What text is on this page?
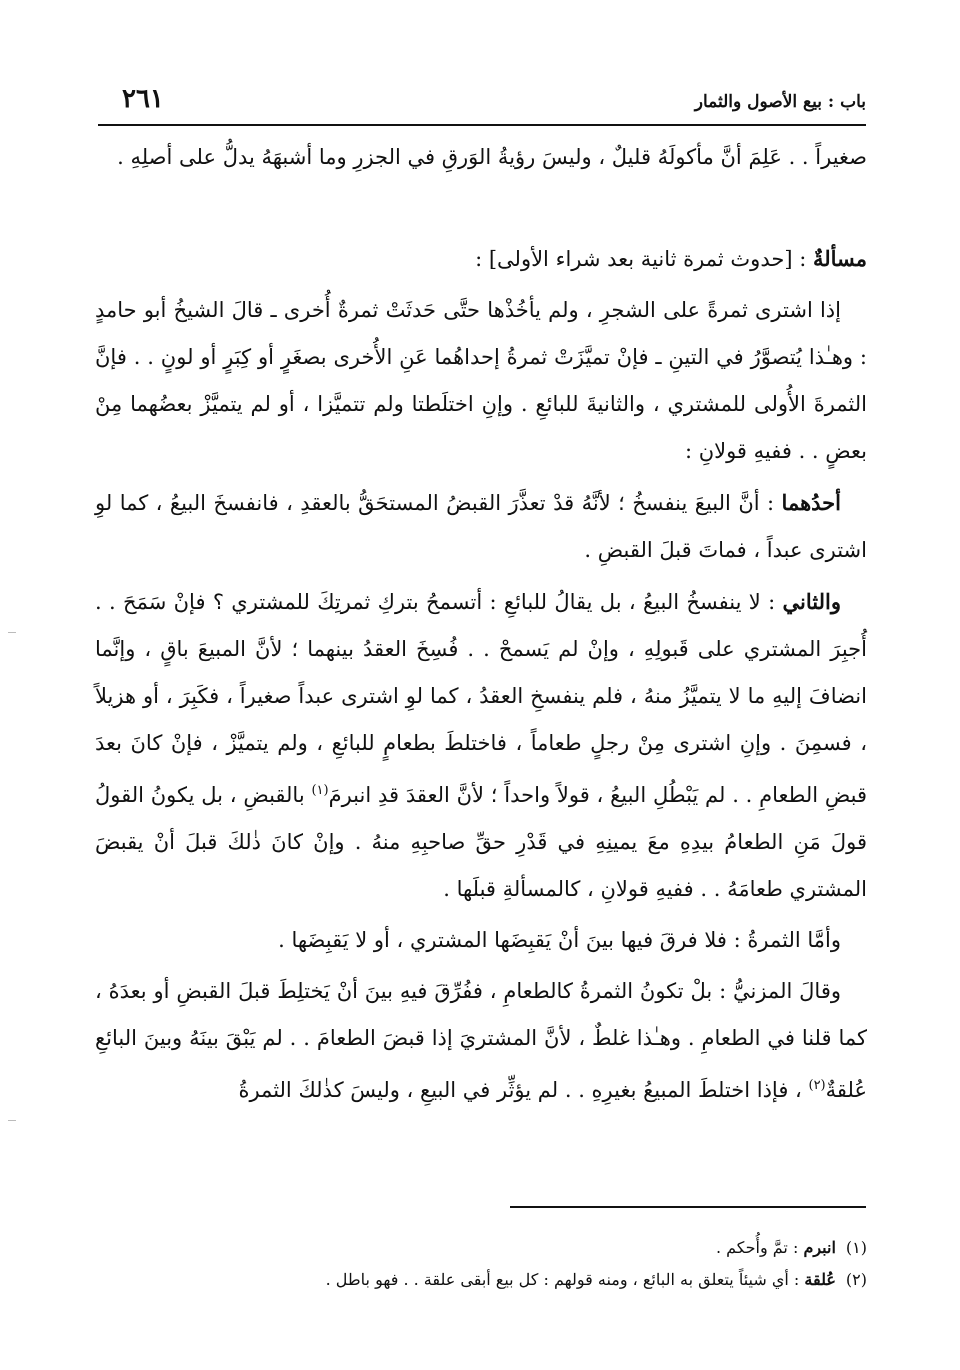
باب : بيع الأصول والثمار
٢٦١

صغيراً . . عَلِمَ أنَّ مأكولَهُ قليلٌ ، وليسَ رؤيةُ الوَرقِ في الجزرِ وما أشبهَهُ يدلُّ على أصلِهِ .

مسألةٌ : [حدوث ثمرة ثانية بعد شراء الأولى] :

إذا اشترى ثمرةً على الشجرِ ، ولم يأخُذْها حتَّى حَدثَتْ ثمرةٌ أُخرى ـ قالَ الشيخُ أبو حامدٍ : وهـٰذا يُتصوَّرُ في التينِ ـ فإنْ تميَّزَتْ ثمرةُ إحداهُما عَنِ الأُخرى بصغَرٍ أو كِبَرٍ أو لونٍ . . فإنَّ الثمرةَ الأُولى للمشتري ، والثانيةَ للبائعِ . وإنِ اختلَطتا ولم تتميَّزا ، أو لم يتميَّزْ بعضُهما مِنْ بعضٍ . . ففيهِ قولانِ :

أحدُهما : أنَّ البيعَ ينفسخُ ؛ لأنَّهُ قدْ تعذَّرَ القبضُ المستحَقُّ بالعقدِ ، فانفسخَ البيعُ ، كما لوِ اشترى عبداً ، فماتَ قبلَ القبضِ .

والثاني : لا ينفسخُ البيعُ ، بل يقالُ للبائعِ : أتسمحُ بتركِ ثمرتِكَ للمشتري ؟ فإنْ سَمَحَ . . أُجبِرَ المشتري على قَبولِهِ ، وإنْ لم يَسمحْ . . فُسِخَ العقدُ بينهما ؛ لأنَّ المبيعَ باقٍ ، وإنَّما انضافَ إليهِ ما لا يتميَّزُ منهُ ، فلم ينفسخِ العقدُ ، كما لوِ اشترى عبداً صغيراً ، فكَبِرَ ، أو هزيلاً ، فسمِنَ . وإنِ اشترى مِنْ رجلٍ طعاماً ، فاختلطَ بطعامٍ للبائعِ ، ولم يتميَّزْ ، فإنْ كانَ بعدَ قبضِ الطعامِ . . لم يَبْطُلِ البيعُ ، قولاً واحداً ؛ لأنَّ العقدَ قدِ انبرمَ$^{(١)}$ بالقبضِ ، بل يكونُ القولُ قولَ مَنِ الطعامُ بيدِهِ معَ يمينِهِ في قَدْرِ حقِّ صاحبِهِ منهُ . وإنْ كانَ ذٰلكَ قبلَ أنْ يقبضَ المشتري طعامَهُ . . ففيهِ قولانِ ، كالمسألةِ قبلَها .

وأمَّا الثمرةُ : فلا فرقَ فيها بينَ أنْ يَقبِضَها المشتري ، أو لا يَقبِضَها .

وقالَ المزنيُّ : بلْ تكونُ الثمرةُ كالطعامِ ، ففُرِّقَ فيهِ بينَ أنْ يَختلِطَ قبلَ القبضِ أو بعدَهُ ، كما قلنا في الطعامِ . وهـٰذا غلطٌ ، لأنَّ المشتريَ إذا قبضَ الطعامَ . . لم يَبْقَ بينَهُ وبينَ البائعِ عُلقةٌ$^{(٢)}$ ، فإذا اختلطَ المبيعُ بغيرِهِ . . لم يؤثِّر في البيعِ ، وليسَ كذٰلكَ الثمرةُ

(١)انبرم : تمَّ وأُحكم .

(٢)عُلقة : أي شيئاً يتعلق به البائع ، ومنه قولهم : كل بيع أبقى علقة . . فهو باطل .
